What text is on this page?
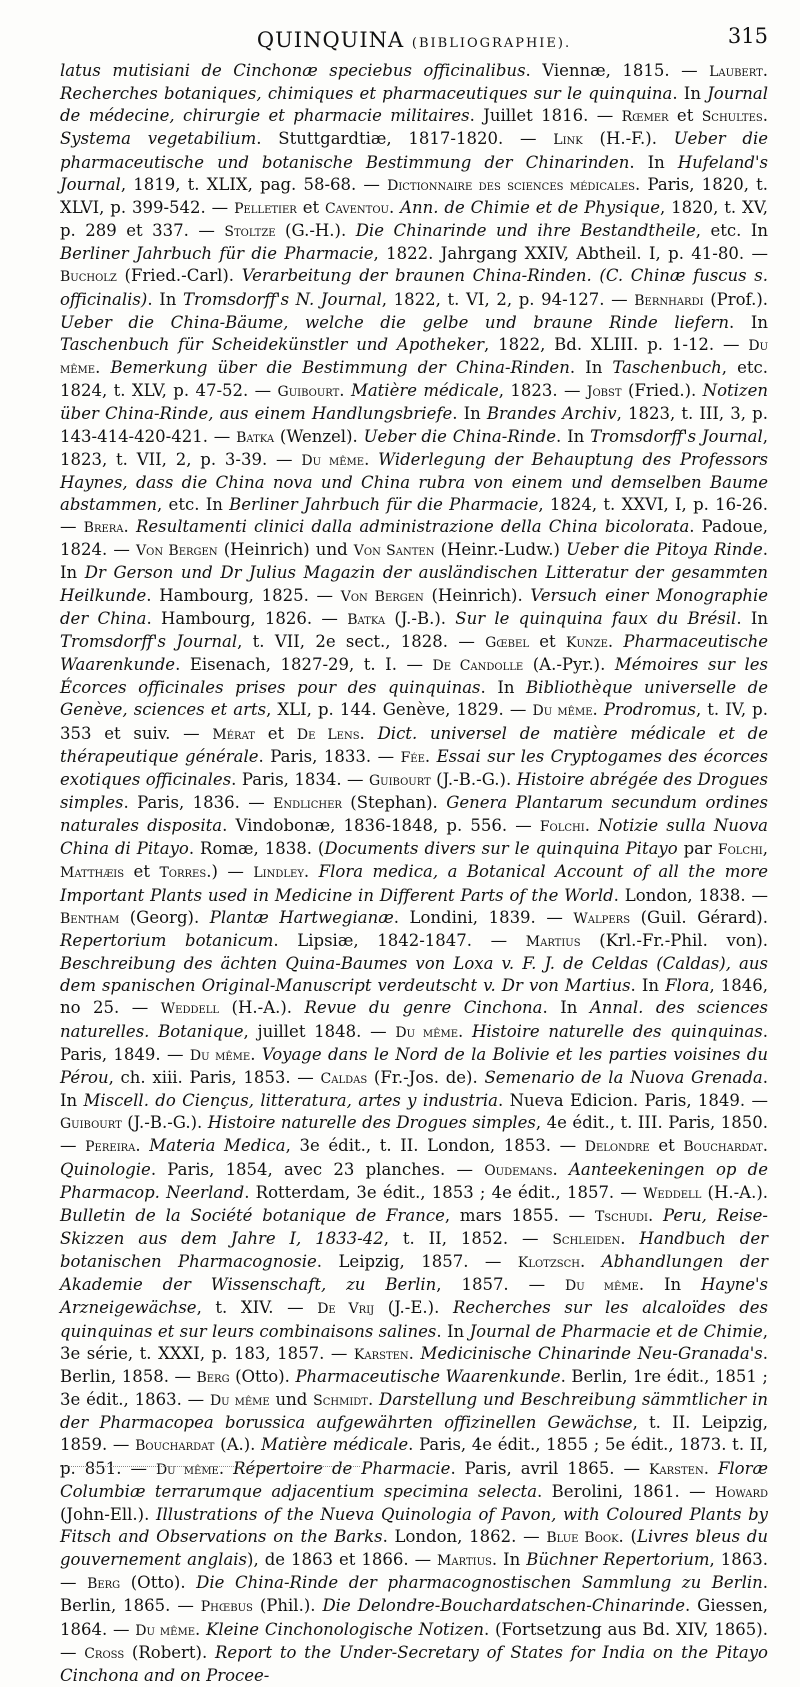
QUINQUINA (BIBLIOGRAPHIE).	315
latus mutisiani de Cinchonæ speciebus officinalibus. Viennæ, 1815. — Laubert. Recherches botaniques, chimiques et pharmaceutiques sur le quinquina. In Journal de médecine, chirurgie et pharmacie militaires. Juillet 1816. — Rœmer et Schultes. Systema vegetabilium. Stuttgardtiæ, 1817-1820. — Link (H.-F.). Ueber die pharmaceutische und botanische Bestimmung der Chinarinden. In Hufeland's Journal, 1819, t. XLIX, pag. 58-68. — Dictionnaire des sciences médicales. Paris, 1820, t. XLVI, p. 399-542. — Pelletier et Caventou. Ann. de Chimie et de Physique, 1820, t. XV, p. 289 et 337. — Stoltze (G.-H.). Die Chinarinde und ihre Bestandtheile, etc. In Berliner Jahrbuch für die Pharmacie, 1822. Jahrgang XXIV, Abtheil. I, p. 41-80. — Bucholz (Fried.-Carl). Verarbeitung der braunen China-Rinden. (C. Chinæ fuscus s. officinalis). In Tromsdorff's N. Journal, 1822, t. VI, 2, p. 94-127. — Bernhardi (Prof.). Ueber die China-Bäume, welche die gelbe und braune Rinde liefern. In Taschenbuch für Scheidekünstler und Apotheker, 1822, Bd. XLIII. p. 1-12. — Du même. Bemerkung über die Bestimmung der China-Rinden. In Taschenbuch, etc. 1824, t. XLV, p. 47-52. — Guibourt. Matière médicale, 1823. — Jobst (Fried.). Notizen über China-Rinde, aus einem Handlungsbriefe. In Brandes Archiv, 1823, t. III, 3, p. 143-414-420-421. — Batka (Wenzel). Ueber die China-Rinde. In Tromsdorff's Journal, 1823, t. VII, 2, p. 3-39. — Du même. Widerlegung der Behauptung des Professors Haynes, dass die China nova und China rubra von einem und demselben Baume abstammen, etc. In Berliner Jahrbuch für die Pharmacie, 1824, t. XXVI, I, p. 16-26. — Brera. Resultamenti clinici dalla administrazione della China bicolorata. Padoue, 1824. — Von Bergen (Heinrich) und Von Santen (Heinr.-Ludw.) Ueber die Pitoya Rinde. In Dr Gerson und Dr Julius Magazin der ausländischen Litteratur der gesammten Heilkunde. Hambourg, 1825. — Von Bergen (Heinrich). Versuch einer Monographie der China. Hambourg, 1826. — Batka (J.-B.). Sur le quinquina faux du Brésil. In Tromsdorff's Journal, t. VII, 2e sect., 1828. — Gœbel et Kunze. Pharmaceutische Waarenkunde. Eisenach, 1827-29, t. I. — De Candolle (A.-Pyr.). Mémoires sur les Écorces officinales prises pour des quinquinas. In Bibliothèque universelle de Genève, sciences et arts, XLI, p. 144. Genève, 1829. — Du même. Prodromus, t. IV, p. 353 et suiv. — Mérat et De Lens. Dict. universel de matière médicale et de thérapeutique générale. Paris, 1833. — Fée. Essai sur les Cryptogames des écorces exotiques officinales. Paris, 1834. — Guibourt (J.-B.-G.). Histoire abrégée des Drogues simples. Paris, 1836. — Endlicher (Stephan). Genera Plantarum secundum ordines naturales disposita. Vindobonæ, 1836-1848, p. 556. — Folchi. Notizie sulla Nuova China di Pitayo. Romæ, 1838. (Documents divers sur le quinquina Pitayo par Folchi, Matthæis et Torres.) — Lindley. Flora medica, a Botanical Account of all the more Important Plants used in Medicine in Different Parts of the World. London, 1838. — Bentham (Georg). Plantæ Hartwegianæ. Londini, 1839. — Walpers (Guil. Gérard). Repertorium botanicum. Lipsiæ, 1842-1847. — Martius (Krl.-Fr.-Phil. von). Beschreibung des ächten Quina-Baumes von Loxa v. F. J. de Celdas (Caldas), aus dem spanischen Original-Manuscript verdeutscht v. Dr von Martius. In Flora, 1846, no 25. — Weddell (H.-A.). Revue du genre Cinchona. In Annal. des sciences naturelles. Botanique, juillet 1848. — Du même. Histoire naturelle des quinquinas. Paris, 1849. — Du même. Voyage dans le Nord de la Bolivie et les parties voisines du Pérou, ch. xiii. Paris, 1853. — Caldas (Fr.-Jos. de). Semenario de la Nuova Grenada. In Miscell. do Ciençus, litteratura, artes y industria. Nueva Edicion. Paris, 1849. — Guibourt (J.-B.-G.). Histoire naturelle des Drogues simples, 4e édit., t. III. Paris, 1850. — Pereira. Materia Medica, 3e édit., t. II. London, 1853. — Delondre et Bouchardat. Quinologie. Paris, 1854, avec 23 planches. — Oudemans. Aanteekeningen op de Pharmacop. Neerland. Rotterdam, 3e édit., 1853 ; 4e édit., 1857. — Weddell (H.-A.). Bulletin de la Société botanique de France, mars 1855. — Tschudi. Peru, Reise-Skizzen aus dem Jahre I, 1833-42, t. II, 1852. — Schleiden. Handbuch der botanischen Pharmacognosie. Leipzig, 1857. — Klotzsch. Abhandlungen der Akademie der Wissenschaft, zu Berlin, 1857. — Du même. In Hayne's Arzneigewächse, t. XIV. — De Vrij (J.-E.). Recherches sur les alcaloïdes des quinquinas et sur leurs combinaisons salines. In Journal de Pharmacie et de Chimie, 3e série, t. XXXI, p. 183, 1857. — Karsten. Medicinische Chinarinde Neu-Granada's. Berlin, 1858. — Berg (Otto). Pharmaceutische Waarenkunde. Berlin, 1re édit., 1851 ; 3e édit., 1863. — Du même und Schmidt. Darstellung und Beschreibung sämmtlicher in der Pharmacopea borussica aufgewährten offizinellen Gewächse, t. II. Leipzig, 1859. — Bouchardat (A.). Matière médicale. Paris, 4e édit., 1855 ; 5e édit., 1873. t. II, p. 851. — Du même. Répertoire de Pharmacie. Paris, avril 1865. — Karsten. Floræ Columbiæ terrarumque adjacentium specimina selecta. Berolini, 1861. — Howard (John-Ell.). Illustrations of the Nueva Quinologia of Pavon, with Coloured Plants by Fitsch and Observations on the Barks. London, 1862. — Blue Book. (Livres bleus du gouvernement anglais), de 1863 et 1866. — Martius. In Büchner Repertorium, 1863. — Berg (Otto). Die China-Rinde der pharmacognostischen Sammlung zu Berlin. Berlin, 1865. — Phœbus (Phil.). Die Delondre-Bouchardatschen-Chinarinde. Giessen, 1864. — Du même. Kleine Cinchonologische Notizen. (Fortsetzung aus Bd. XIV, 1865). — Cross (Robert). Report to the Under-Secretary of States for India on the Pitayo Cinchona and on Procee-
